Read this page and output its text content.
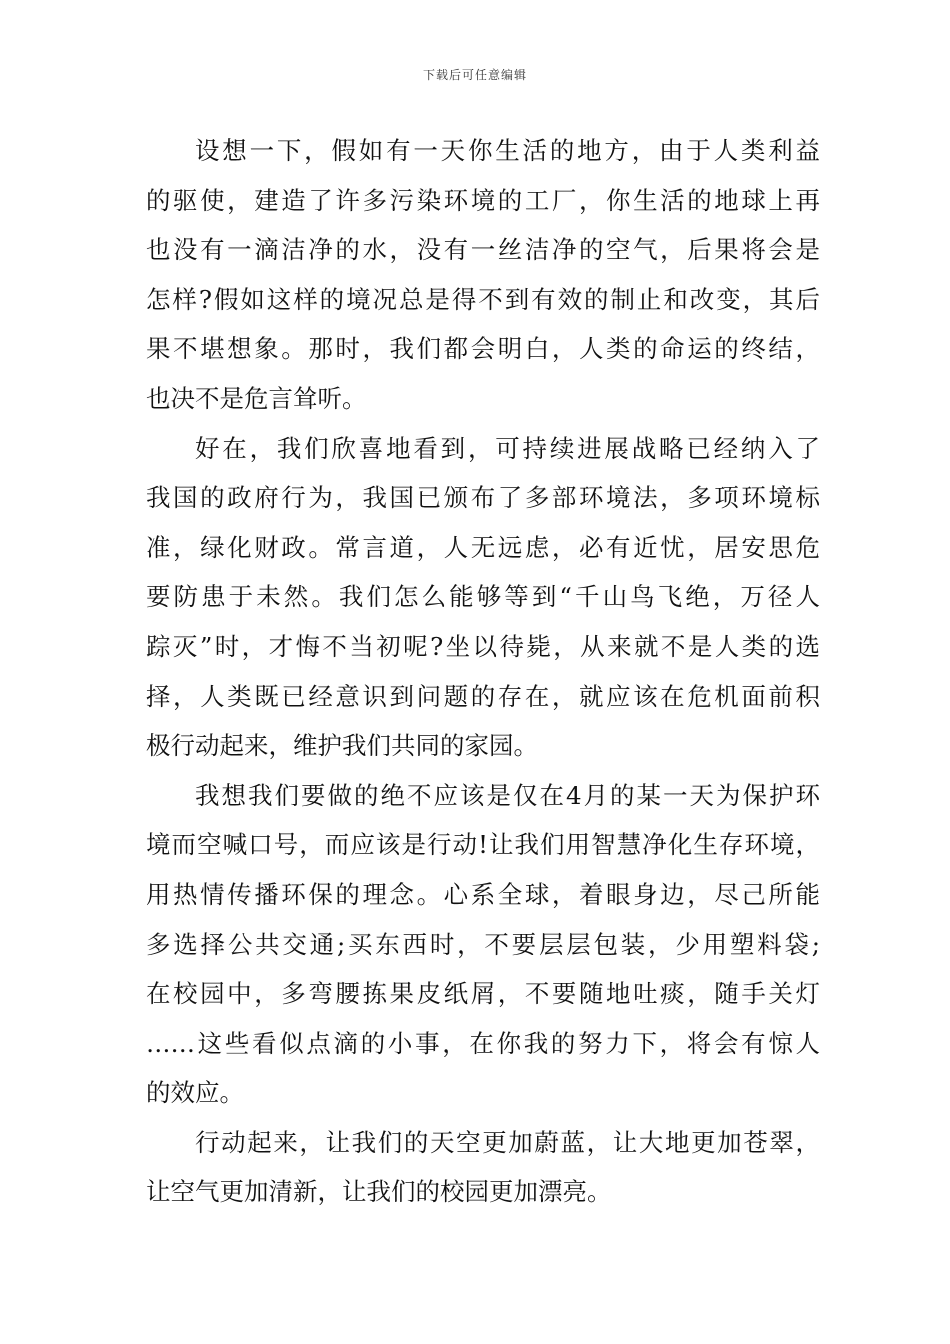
下载后可任意编辑
设想一下，假如有一天你生活的地方，由于人类利益
的驱使，建造了许多污染环境的工厂，你生活的地球上再
也没有一滴洁净的水，没有一丝洁净的空气，后果将会是
怎样?假如这样的境况总是得不到有效的制止和改变，其后
果不堪想象。那时，我们都会明白，人类的命运的终结，
也决不是危言耸听。
好在，我们欣喜地看到，可持续进展战略已经纳入了
我国的政府行为，我国已颁布了多部环境法，多项环境标
准，绿化财政。常言道，人无远虑，必有近忧，居安思危
要防患于未然。我们怎么能够等到“千山鸟飞绝，万径人
踪灭”时，才悔不当初呢?坐以待毙，从来就不是人类的选
择，人类既已经意识到问题的存在，就应该在危机面前积
极行动起来，维护我们共同的家园。
我想我们要做的绝不应该是仅在4月的某一天为保护环
境而空喊口号，而应该是行动!让我们用智慧净化生存环境，
用热情传播环保的理念。心系全球，着眼身边，尽己所能
多选择公共交通;买东西时，不要层层包装，少用塑料袋;
在校园中，多弯腰拣果皮纸屑，不要随地吐痰，随手关灯
……这些看似点滴的小事，在你我的努力下，将会有惊人
的效应。
行动起来，让我们的天空更加蔚蓝，让大地更加苍翠，
让空气更加清新，让我们的校园更加漂亮。
